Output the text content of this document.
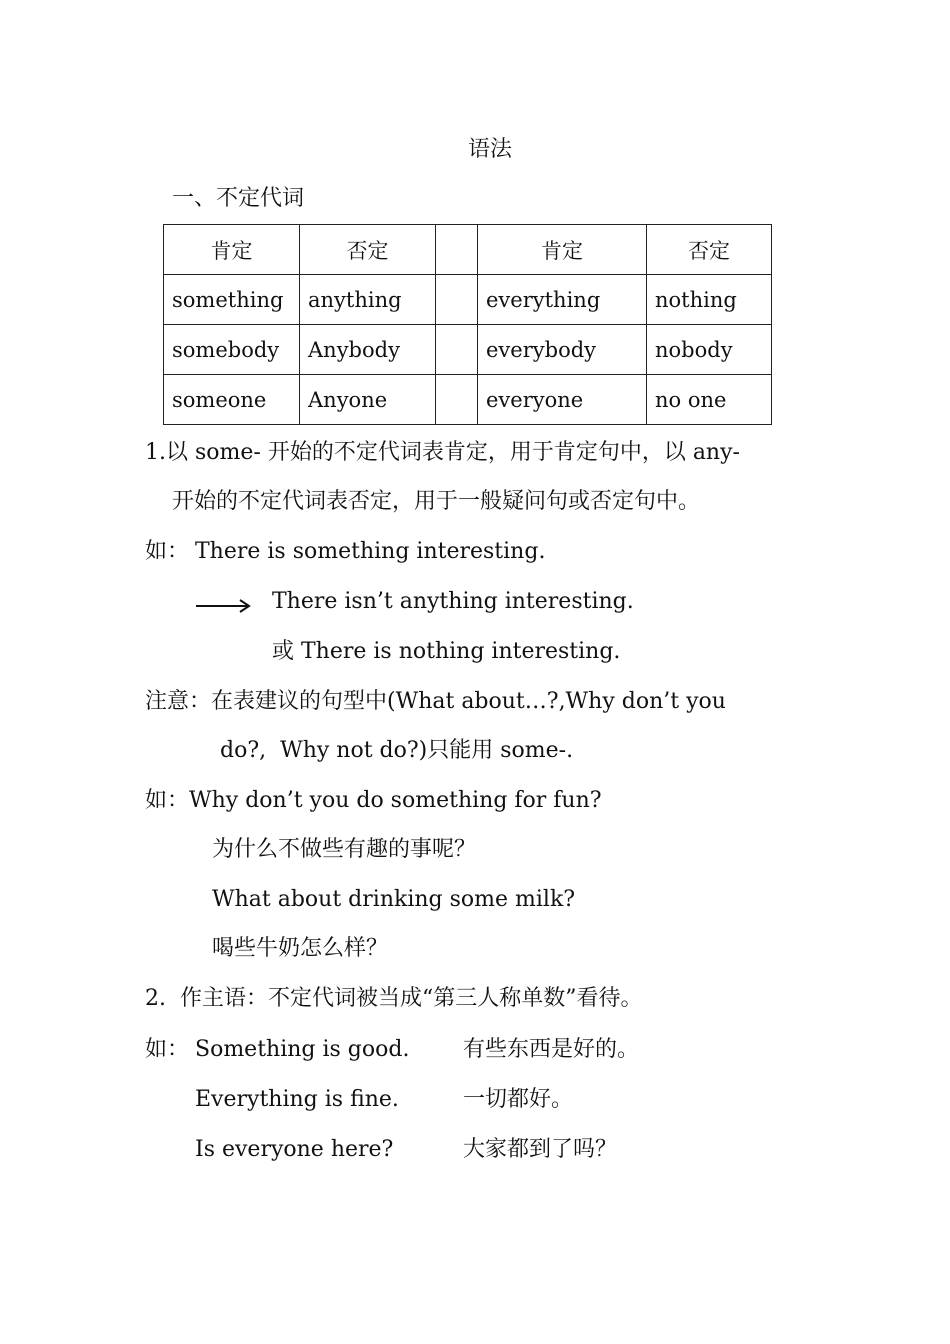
语法
一、不定代词
肯定	否定		肯定	否定
something	anything		everything	nothing
somebody	Anybody		everybody	nobody
someone	Anyone		everyone	no one
1.以 some- 开始的不定代词表肯定，用于肯定句中，以 any-
开始的不定代词表否定，用于一般疑问句或否定句中。
如： There is something interesting.
There isn’t anything interesting.
或 There is nothing interesting.
注意：在表建议的句型中(What about…?,Why don’t you
do?,  Why not do?)只能用 some-.
如：Why don’t you do something for fun?
为什么不做些有趣的事呢？
What about drinking some milk?
喝些牛奶怎么样？
2.  作主语：不定代词被当成“第三人称单数”看待。
如： Something is good. 有些东西是好的。
Everything is fine.	一切都好。
Is everyone here?	大家都到了吗？
